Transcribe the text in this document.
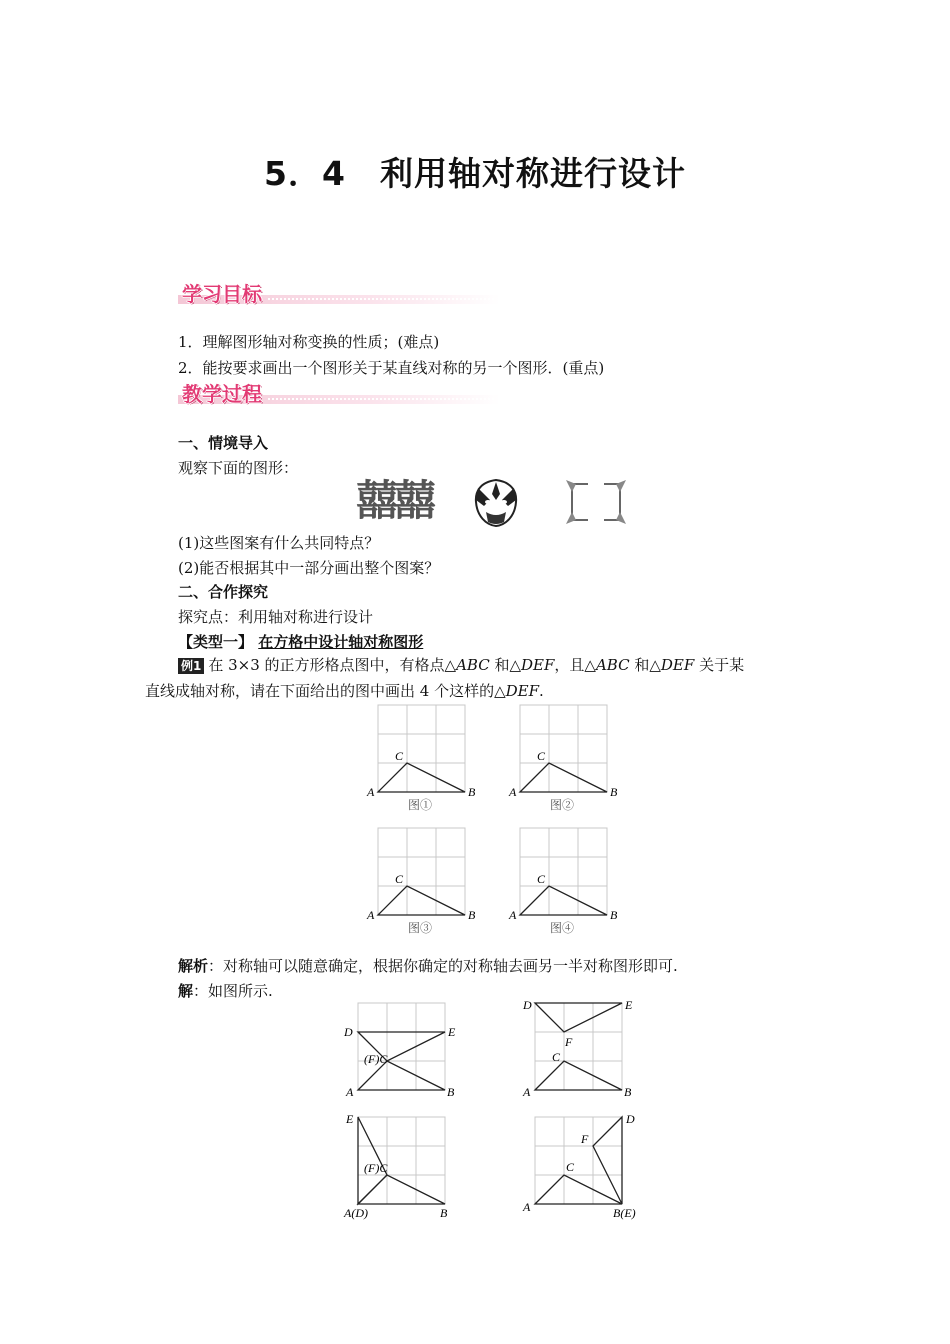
5．4　利用轴对称进行设计
学习目标
1．理解图形轴对称变换的性质；(难点)
2．能按要求画出一个图形关于某直线对称的另一个图形．(重点)
教学过程
一、情境导入
观察下面的图形：
囍囍
(1)这些图案有什么共同特点？
(2)能否根据其中一部分画出整个图案？
二、合作探究
探究点：利用轴对称进行设计
【类型一】 在方格中设计轴对称图形
例1 在 3×3 的正方形格点图中，有格点△ABC 和△DEF，且△ABC 和△DEF 关于某
直线成轴对称，请在下面给出的图中画出 4 个这样的△DEF.
A	B
C
图①
A	B
C
图②
A	B
C
图③
A	B
C
图④
解析：对称轴可以随意确定，根据你确定的对称轴去画另一半对称图形即可.
解：如图所示.
D	E
(F)C
A	B
D	E
F
C
A	B
E
(F)C
A(D)	B
D
F
C
A	B(E)
